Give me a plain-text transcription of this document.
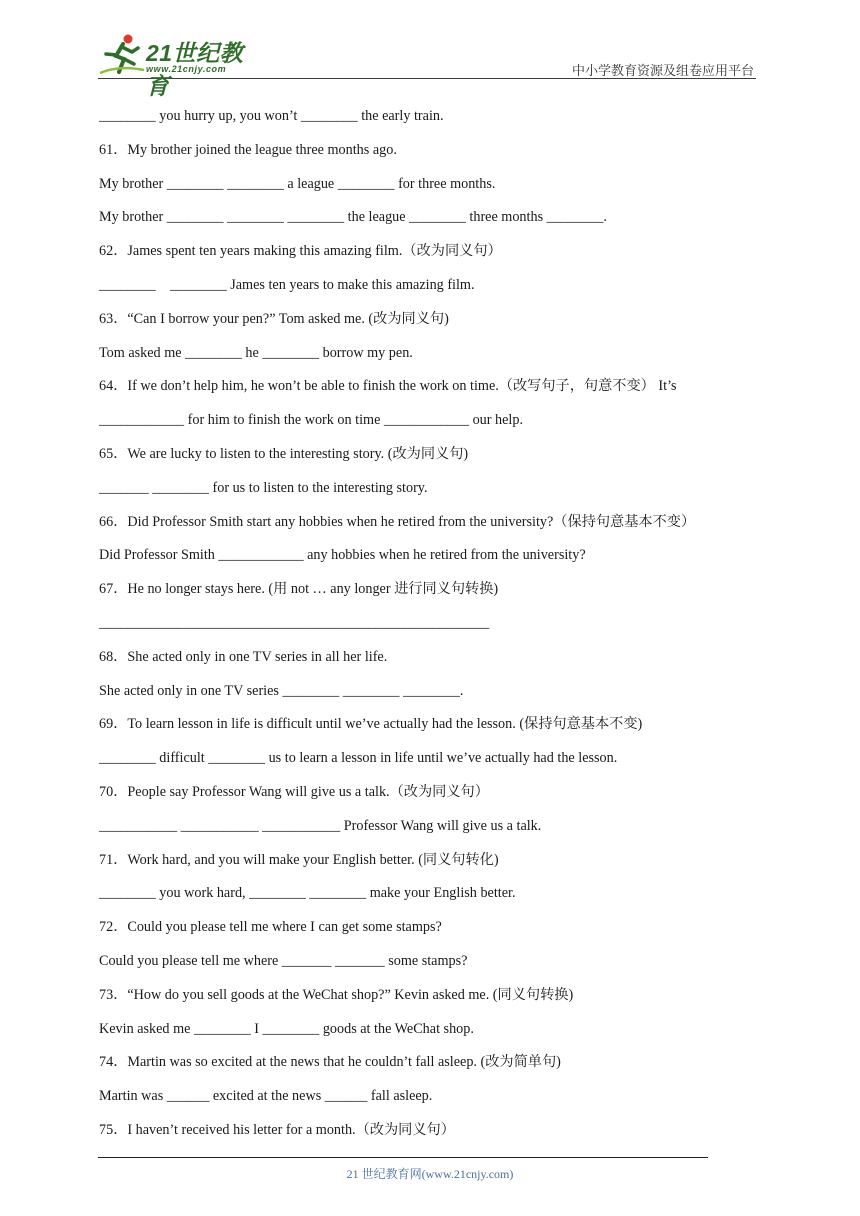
21世纪教育
www.21cnjy.com	中小学教育资源及组卷应用平台
________ you hurry up, you won’t ________ the early train.
61．My brother joined the league three months ago.
My brother ________ ________ a league ________ for three months.
My brother ________ ________ ________ the league ________ three months ________.
62．James spent ten years making this amazing film.（改为同义句）
________    ________ James ten years to make this amazing film.
63．“Can I borrow your pen?” Tom asked me. (改为同义句)
Tom asked me ________ he ________ borrow my pen.
64．If we don’t help him, he won’t be able to finish the work on time.（改写句子，句意不变） It’s
____________ for him to finish the work on time ____________ our help.
65．We are lucky to listen to the interesting story. (改为同义句)
_______ ________ for us to listen to the interesting story.
66．Did Professor Smith start any hobbies when he retired from the university?（保持句意基本不变）
Did Professor Smith ____________ any hobbies when he retired from the university?
67．He no longer stays here. (用 not … any longer 进行同义句转换)
_______________________________________________________
68．She acted only in one TV series in all her life.
She acted only in one TV series ________ ________ ________.
69．To learn lesson in life is difficult until we’ve actually had the lesson. (保持句意基本不变)
________ difficult ________ us to learn a lesson in life until we’ve actually had the lesson.
70．People say Professor Wang will give us a talk.（改为同义句）
___________ ___________ ___________ Professor Wang will give us a talk.
71．Work hard, and you will make your English better. (同义句转化)
________ you work hard, ________ ________ make your English better.
72．Could you please tell me where I can get some stamps?
Could you please tell me where _______ _______ some stamps?
73．“How do you sell goods at the WeChat shop?” Kevin asked me. (同义句转换)
Kevin asked me ________ I ________ goods at the WeChat shop.
74．Martin was so excited at the news that he couldn’t fall asleep. (改为简单句)
Martin was ______ excited at the news ______ fall asleep.
75．I haven’t received his letter for a month.（改为同义句）
21 世纪教育网(www.21cnjy.com)
